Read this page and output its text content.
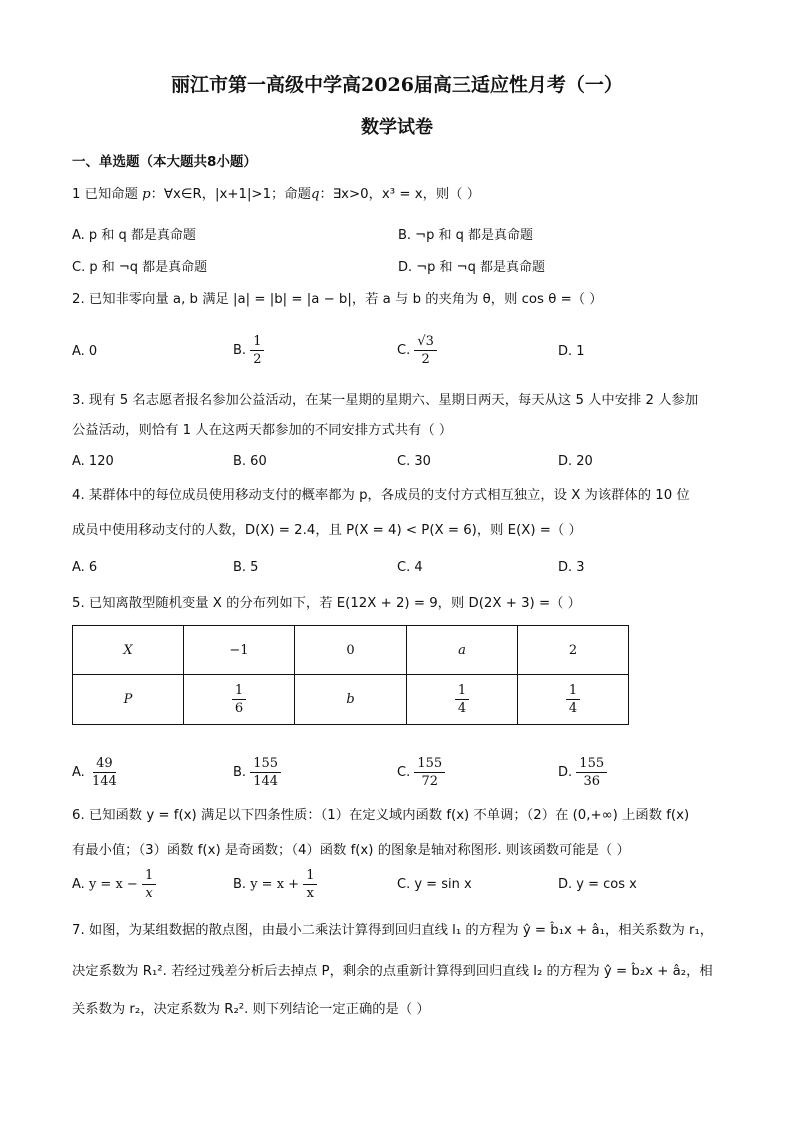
丽江市第一高级中学高2026届高三适应性月考（一）
数学试卷
一、单选题（本大题共8小题）
1 已知命题 p：∀x∈R，|x+1|>1；命题q：∃x>0，x³ = x，则（ ）
A. p 和 q 都是真命题	B. ¬p 和 q 都是真命题
C. p 和 ¬q 都是真命题	D. ¬p 和 ¬q 都是真命题
2. 已知非零向量 a, b 满足 |a| = |b| = |a − b|，若 a 与 b 的夹角为 θ，则 cos θ =（ ）
A. 0	B. $\frac{1}{2}$	C. $\frac{√3}{2}$	D. 1
3. 现有 5 名志愿者报名参加公益活动，在某一星期的星期六、星期日两天，每天从这 5 人中安排 2 人参加
公益活动，则恰有 1 人在这两天都参加的不同安排方式共有（ ）
A. 120	B. 60	C. 30	D. 20
4. 某群体中的每位成员使用移动支付的概率都为 p，各成员的支付方式相互独立，设 X 为该群体的 10 位
成员中使用移动支付的人数，D(X) = 2.4，且 P(X = 4) < P(X = 6)，则 E(X) =（ ）
A. 6	B. 5	C. 4	D. 3
5. 已知离散型随机变量 X 的分布列如下，若 E(12X + 2) = 9，则 D(2X + 3) =（ ）
X	−1	0	a	2
P	$\frac{1}{6}$	b	$\frac{1}{4}$	$\frac{1}{4}$
A. $\frac{49}{144}$	B. $\frac{155}{144}$	C. $\frac{155}{72}$	D. $\frac{155}{36}$
6. 已知函数 y = f(x) 满足以下四条性质：（1）在定义域内函数 f(x) 不单调；（2）在 (0,+∞) 上函数 f(x)
有最小值；（3）函数 f(x) 是奇函数；（4）函数 f(x) 的图象是轴对称图形. 则该函数可能是（ ）
A. $y = x - \frac{1}{x}$	B. $y = x + \frac{1}{x}$	C. y = sin x	D. y = cos x
7. 如图，为某组数据的散点图，由最小二乘法计算得到回归直线 l₁ 的方程为 ŷ = b̂₁x + â₁，相关系数为 r₁，
决定系数为 R₁². 若经过残差分析后去掉点 P，剩余的点重新计算得到回归直线 l₂ 的方程为 ŷ = b̂₂x + â₂，相
关系数为 r₂，决定系数为 R₂². 则下列结论一定正确的是（ ）
